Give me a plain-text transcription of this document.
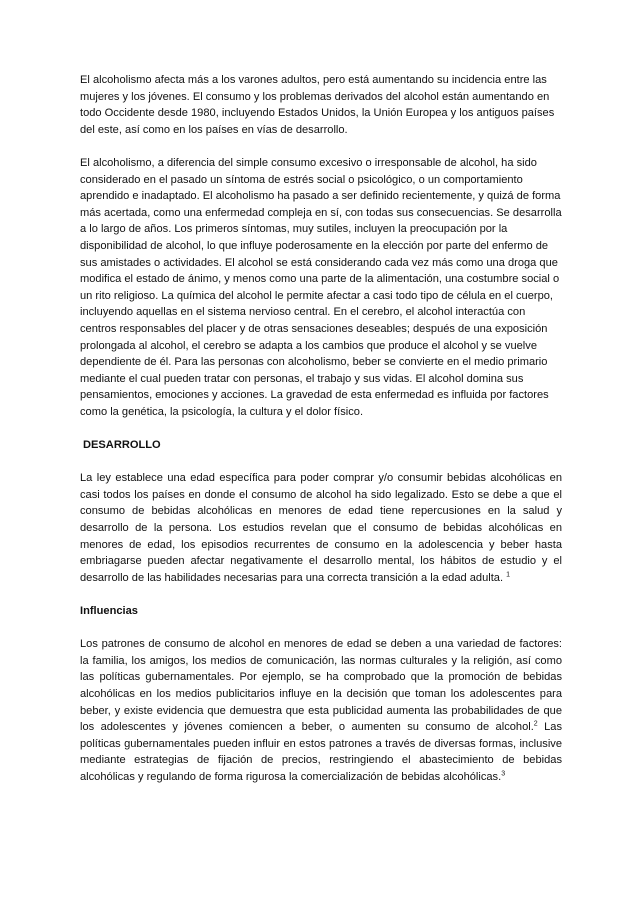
El alcoholismo afecta más a los varones adultos, pero está aumentando su incidencia entre las mujeres y los jóvenes. El consumo y los problemas derivados del alcohol están aumentando en todo Occidente desde 1980, incluyendo Estados Unidos, la Unión Europea y los antiguos países del este, así como en los países en vías de desarrollo.

El alcoholismo, a diferencia del simple consumo excesivo o irresponsable de alcohol, ha sido considerado en el pasado un síntoma de estrés social o psicológico, o un comportamiento aprendido e inadaptado. El alcoholismo ha pasado a ser definido recientemente, y quizá de forma más acertada, como una enfermedad compleja en sí, con todas sus consecuencias. Se desarrolla a lo largo de años. Los primeros síntomas, muy sutiles, incluyen la preocupación por la disponibilidad de alcohol, lo que influye poderosamente en la elección por parte del enfermo de sus amistades o actividades. El alcohol se está considerando cada vez más como una droga que modifica el estado de ánimo, y menos como una parte de la alimentación, una costumbre social o un rito religioso. La química del alcohol le permite afectar a casi todo tipo de célula en el cuerpo, incluyendo aquellas en el sistema nervioso central. En el cerebro, el alcohol interactúa con centros responsables del placer y de otras sensaciones deseables; después de una exposición prolongada al alcohol, el cerebro se adapta a los cambios que produce el alcohol y se vuelve dependiente de él. Para las personas con alcoholismo, beber se convierte en el medio primario mediante el cual pueden tratar con personas, el trabajo y sus vidas. El alcohol domina sus pensamientos, emociones y acciones. La gravedad de esta enfermedad es influida por factores como la genética, la psicología, la cultura y el dolor físico.

DESARROLLO

La ley establece una edad específica para poder comprar y/o consumir bebidas alcohólicas en casi todos los países en donde el consumo de alcohol ha sido legalizado. Esto se debe a que el consumo de bebidas alcohólicas en menores de edad tiene repercusiones en la salud y desarrollo de la persona. Los estudios revelan que el consumo de bebidas alcohólicas en menores de edad, los episodios recurrentes de consumo en la adolescencia y beber hasta embriagarse pueden afectar negativamente el desarrollo mental, los hábitos de estudio y el desarrollo de las habilidades necesarias para una correcta transición a la edad adulta. $^1$

Influencias

Los patrones de consumo de alcohol en menores de edad se deben a una variedad de factores: la familia, los amigos, los medios de comunicación, las normas culturales y la religión, así como las políticas gubernamentales. Por ejemplo, se ha comprobado que la promoción de bebidas alcohólicas en los medios publicitarios influye en la decisión que toman los adolescentes para beber, y existe evidencia que demuestra que esta publicidad aumenta las probabilidades de que los adolescentes y jóvenes comiencen a beber, o aumenten su consumo de alcohol.$^2$ Las políticas gubernamentales pueden influir en estos patrones a través de diversas formas, inclusive mediante estrategias de fijación de precios, restringiendo el abastecimiento de bebidas alcohólicas y regulando de forma rigurosa la comercialización de bebidas alcohólicas.$^3$
